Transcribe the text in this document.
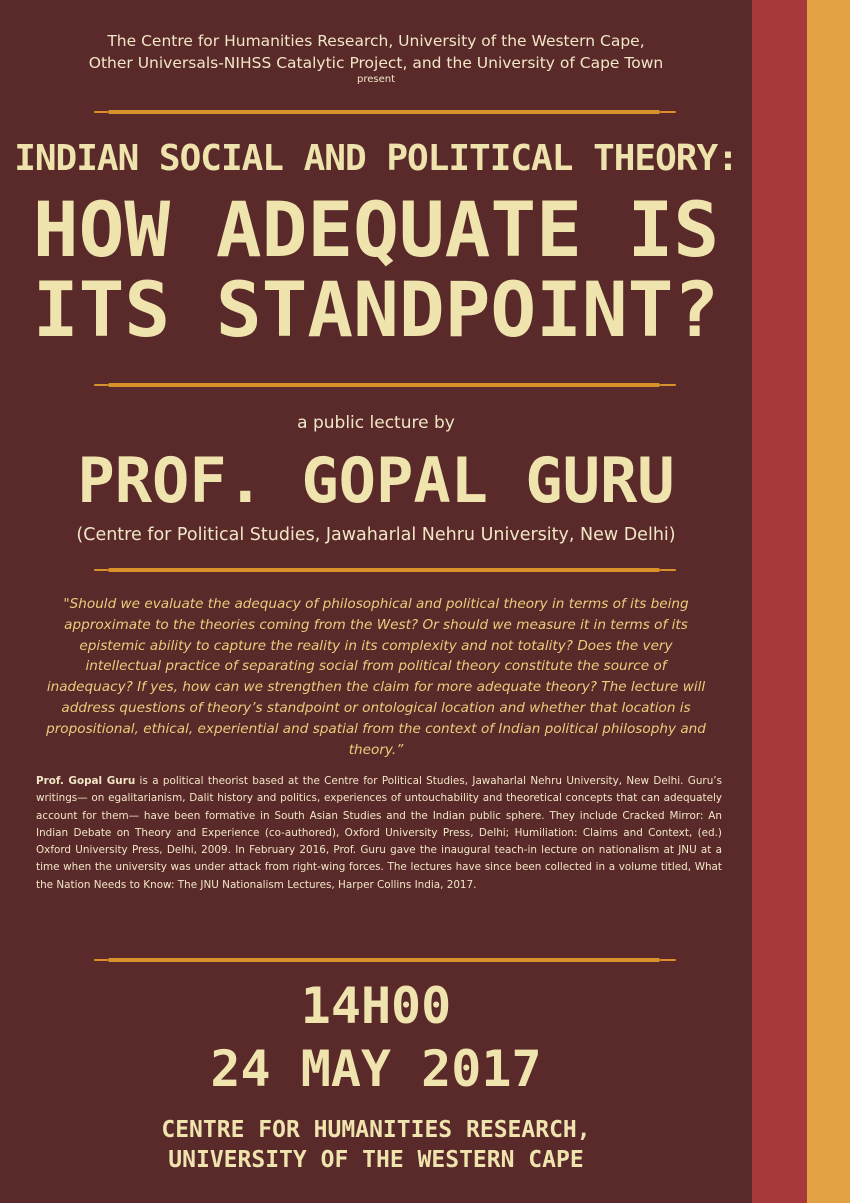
The Centre for Humanities Research, University of the Western Cape,
Other Universals-NIHSS Catalytic Project, and the University of Cape Town
present
INDIAN SOCIAL AND POLITICAL THEORY:
HOW ADEQUATE IS
ITS STANDPOINT?
a public lecture by
PROF. GOPAL GURU
(Centre for Political Studies, Jawaharlal Nehru University, New Delhi)
"Should we evaluate the adequacy of philosophical and political theory in terms of its being approximate to the theories coming from the West? Or should we measure it in terms of its epistemic ability to capture the reality in its complexity and not totality? Does the very intellectual practice of separating social from political theory constitute the source of inadequacy? If yes, how can we strengthen the claim for more adequate theory? The lecture will address questions of theory’s standpoint or ontological location and whether that location is propositional, ethical, experiential and spatial from the context of Indian political philosophy and theory.”
Prof. Gopal Guru is a political theorist based at the Centre for Political Studies, Jawaharlal Nehru University, New Delhi. Guru’s writings— on egalitarianism, Dalit history and politics, experiences of untouchability and theoretical concepts that can adequately account for them— have been formative in South Asian Studies and the Indian public sphere. They include Cracked Mirror: An Indian Debate on Theory and Experience (co-authored), Oxford University Press, Delhi; Humiliation: Claims and Context, (ed.) Oxford University Press, Delhi, 2009. In February 2016, Prof. Guru gave the inaugural teach-in lecture on nationalism at JNU at a time when the university was under attack from right-wing forces. The lectures have since been collected in a volume titled, What the Nation Needs to Know: The JNU Nationalism Lectures, Harper Collins India, 2017.
14H00
24 MAY 2017
CENTRE FOR HUMANITIES RESEARCH,
UNIVERSITY OF THE WESTERN CAPE
